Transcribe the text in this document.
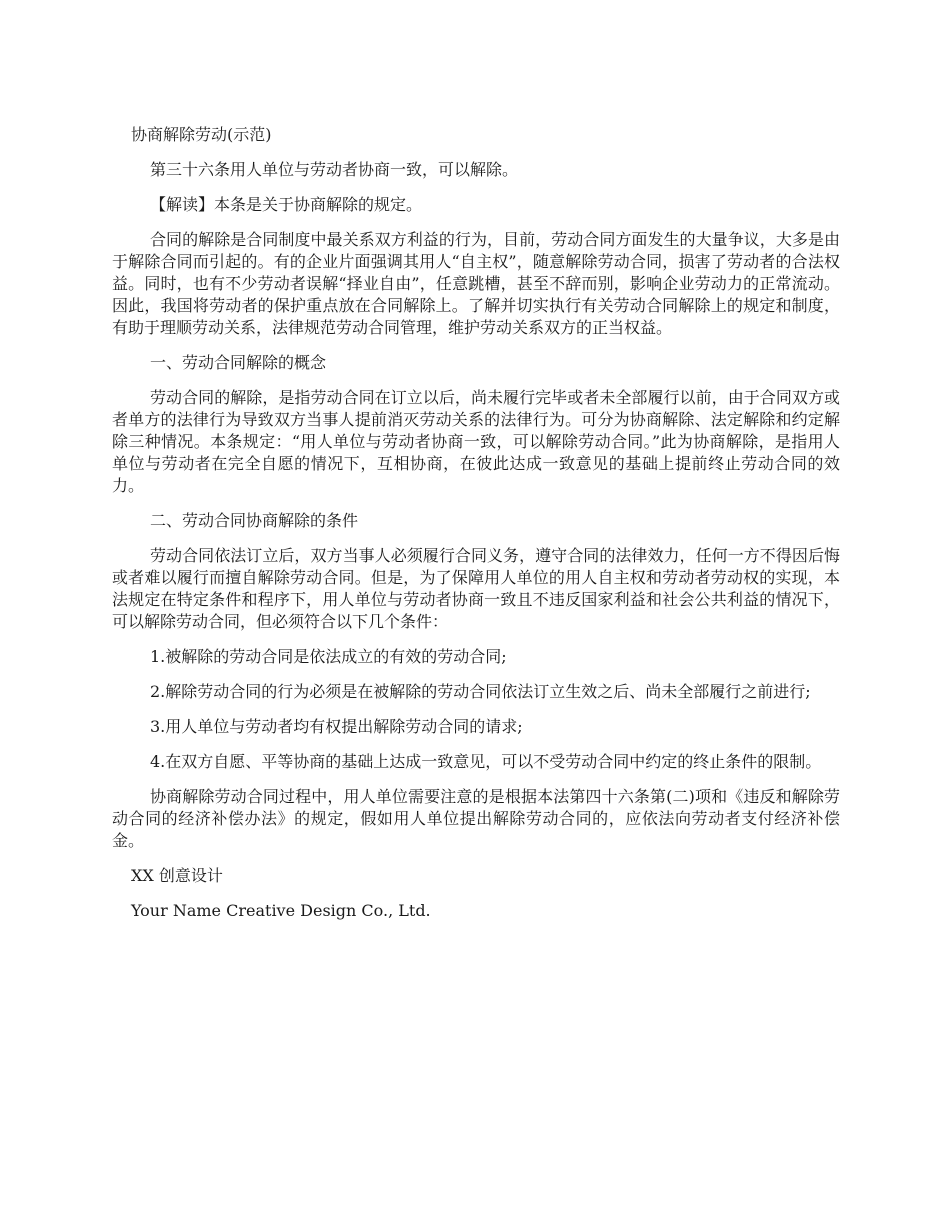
协商解除劳动(示范)

第三十六条用人单位与劳动者协商一致，可以解除。

【解读】本条是关于协商解除的规定。

合同的解除是合同制度中最关系双方利益的行为，目前，劳动合同方面发生的大量争议，大多是由于解除合同而引起的。有的企业片面强调其用人“自主权”，随意解除劳动合同，损害了劳动者的合法权益。同时，也有不少劳动者误解“择业自由”，任意跳槽，甚至不辞而别，影响企业劳动力的正常流动。因此，我国将劳动者的保护重点放在合同解除上。了解并切实执行有关劳动合同解除上的规定和制度，有助于理顺劳动关系，法律规范劳动合同管理，维护劳动关系双方的正当权益。

一、劳动合同解除的概念

劳动合同的解除，是指劳动合同在订立以后，尚未履行完毕或者未全部履行以前，由于合同双方或者单方的法律行为导致双方当事人提前消灭劳动关系的法律行为。可分为协商解除、法定解除和约定解除三种情况。本条规定：“用人单位与劳动者协商一致，可以解除劳动合同。”此为协商解除，是指用人单位与劳动者在完全自愿的情况下，互相协商，在彼此达成一致意见的基础上提前终止劳动合同的效力。

二、劳动合同协商解除的条件

劳动合同依法订立后，双方当事人必须履行合同义务，遵守合同的法律效力，任何一方不得因后悔或者难以履行而擅自解除劳动合同。但是，为了保障用人单位的用人自主权和劳动者劳动权的实现，本法规定在特定条件和程序下，用人单位与劳动者协商一致且不违反国家利益和社会公共利益的情况下，可以解除劳动合同，但必须符合以下几个条件：

1.被解除的劳动合同是依法成立的有效的劳动合同;

2.解除劳动合同的行为必须是在被解除的劳动合同依法订立生效之后、尚未全部履行之前进行;

3.用人单位与劳动者均有权提出解除劳动合同的请求;

4.在双方自愿、平等协商的基础上达成一致意见，可以不受劳动合同中约定的终止条件的限制。

协商解除劳动合同过程中，用人单位需要注意的是根据本法第四十六条第(二)项和《违反和解除劳动合同的经济补偿办法》的规定，假如用人单位提出解除劳动合同的，应依法向劳动者支付经济补偿金。

XX 创意设计
Your Name Creative Design Co., Ltd.
